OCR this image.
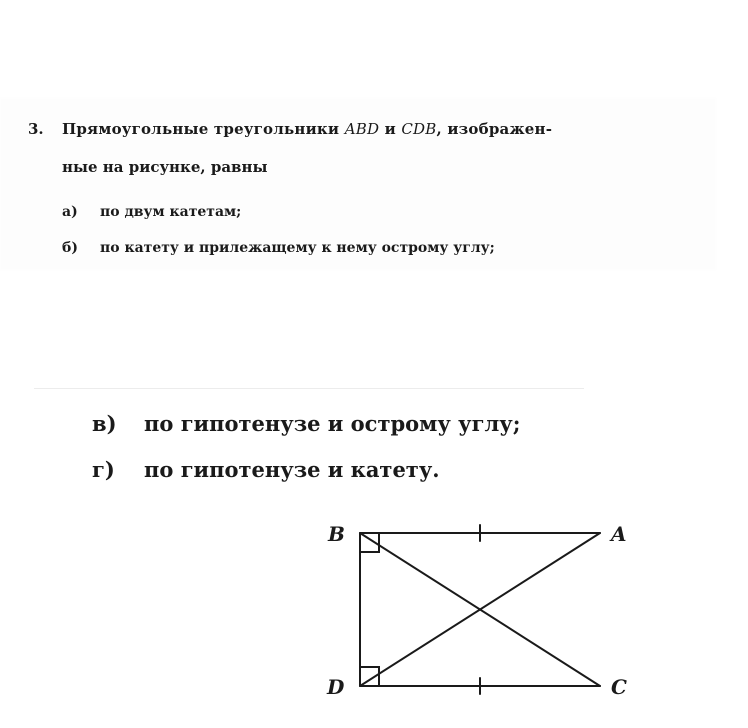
3. Прямоугольные треугольники ABD и CDB, изображен-
ные на рисунке, равны
а) по двум катетам;
б) по катету и прилежащему к нему острому углу;
в) по гипотенузе и острому углу;
г) по гипотенузе и катету.
B	A
D	C
